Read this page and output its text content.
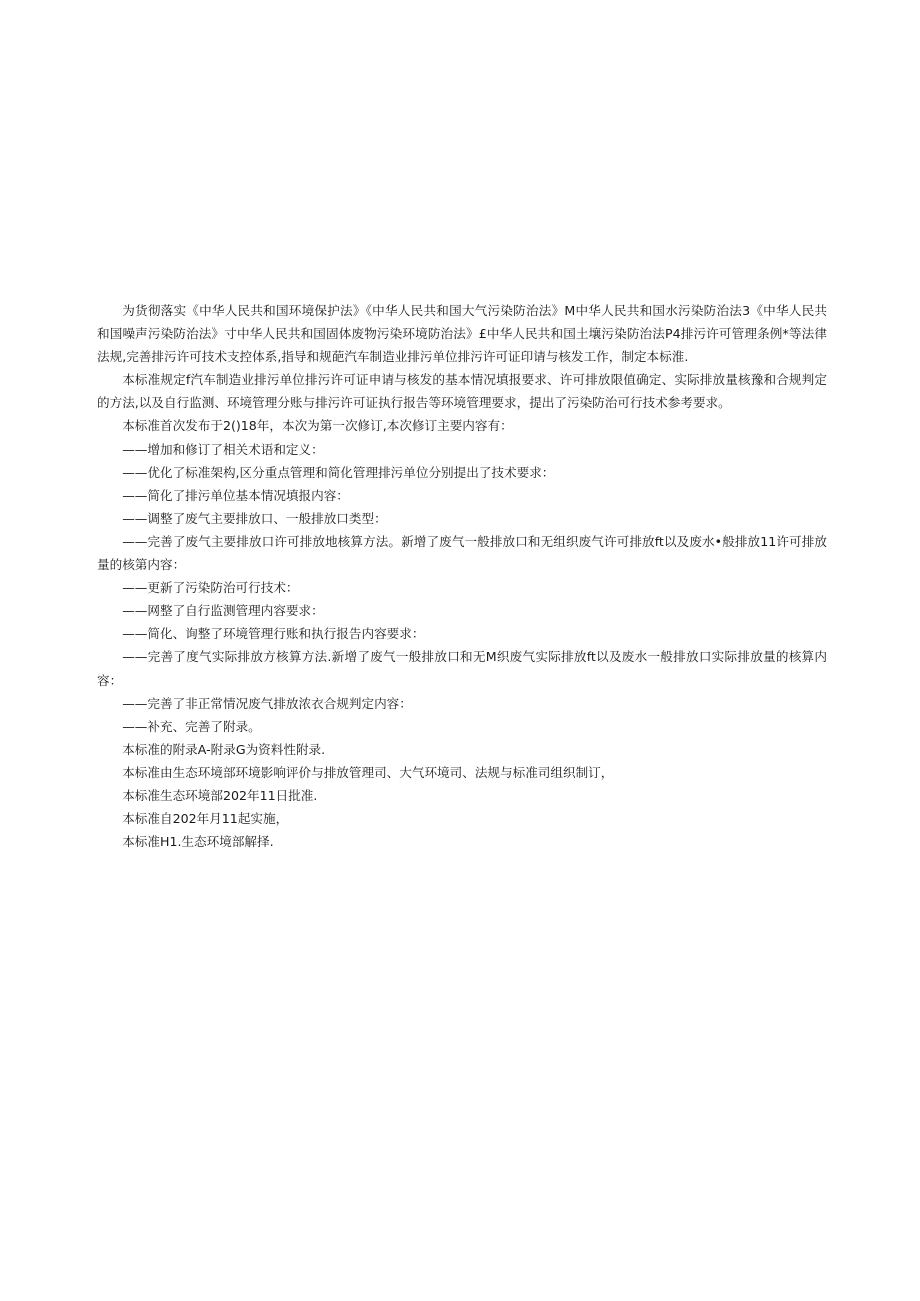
为货彻落实《中华人民共和国环境保护法》《中华人民共和国大气污染防治法》M中华人民共和国水污染防治法3《中华人民共和国噪声污染防治法》寸中华人民共和国固体废物污染环境防治法》£中华人民共和国土壤污染防治法P4排污许可管理条例*等法律法规,完善排污许可技术支控体系,指导和规葩汽车制造业排污单位排污许可证印请与核发工作，制定本标淮.

本标准规定f汽车制造业排污单位排污许可证申请与核发的基本情况填报要求、许可排放限值确定、实际排放量核豫和合规判定的方法,以及自行监测、环境管理分账与排污许可证执行报告等环境管理要求，提出了污染防治可行技术参考要求。

本标准首次发布于2()18年，本次为第一次修订,本次修订主要内容有：

——增加和修订了相关术语和定义：

——优化了标准架构,区分重点管理和简化管理排污单位分别提出了技术要求：

——简化了排污单位基本情况填报内容：

——调整了废气主要排放口、一般排放口类型：

——完善了废气主要排放口许可排放地核算方法。新增了废气一般排放口和无组织废气许可排放ft以及废水•般排放11许可排放量的核第内容：

——更新了污染防治可行技术：

——网整了自行监测管理内容要求：

——简化、询整了环境管理行账和执行报告内容要求：

——完善了度气实际排放方核算方法.新增了废气一般排放口和无M织废气实际排放ft以及废水一般排放口实际排放量的核算内容：

——完善了非正常情况废气排放浓衣合规判定内容：

——补充、完善了附录。

本标准的附录A-附录G为资料性附录.

本标准由生态环境部环境影响评价与排放管理司、大气环境司、法规与标准司组织制订，

本标准生态环境部202年11日批准.

本标准自202年月11起实施，

本标准H1.生态环境部解择.
